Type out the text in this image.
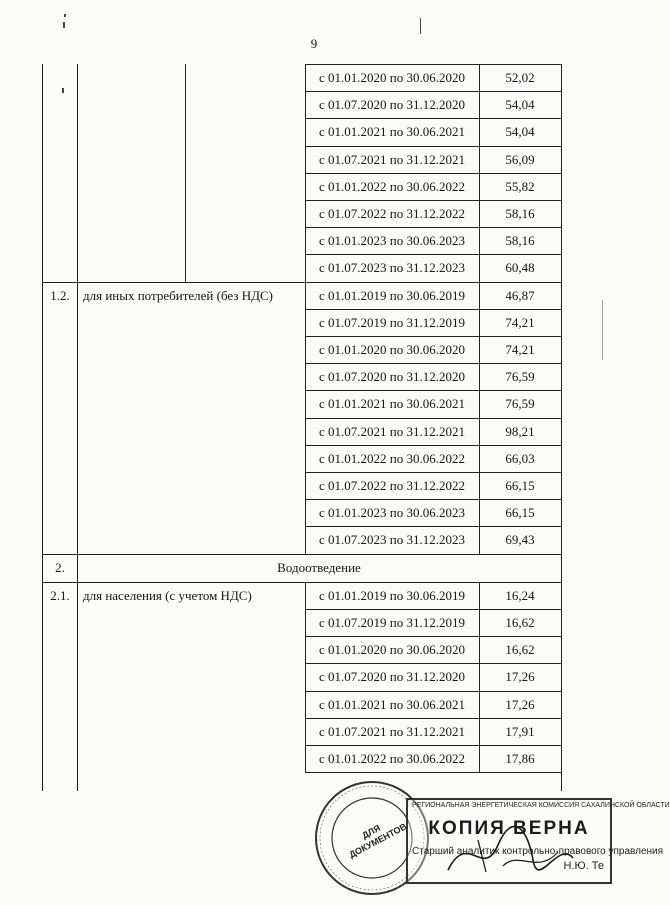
9
с 01.01.2020 по 30.06.2020	52,02
с 01.07.2020 по 31.12.2020	54,04
с 01.01.2021 по 30.06.2021	54,04
с 01.07.2021 по 31.12.2021	56,09
с 01.01.2022 по 30.06.2022	55,82
с 01.07.2022 по 31.12.2022	58,16
с 01.01.2023 по 30.06.2023	58,16
с 01.07.2023 по 31.12.2023	60,48
1.2.	для иных потребителей (без НДС)	с 01.01.2019 по 30.06.2019	46,87
с 01.07.2019 по 31.12.2019	74,21
с 01.01.2020 по 30.06.2020	74,21
с 01.07.2020 по 31.12.2020	76,59
с 01.01.2021 по 30.06.2021	76,59
с 01.07.2021 по 31.12.2021	98,21
с 01.01.2022 по 30.06.2022	66,03
с 01.07.2022 по 31.12.2022	66,15
с 01.01.2023 по 30.06.2023	66,15
с 01.07.2023 по 31.12.2023	69,43
2.	Водоотведение
2.1.	для населения (с учетом НДС)	с 01.01.2019 по 30.06.2019	16,24
с 01.07.2019 по 31.12.2019	16,62
с 01.01.2020 по 30.06.2020	16,62
с 01.07.2020 по 31.12.2020	17,26
с 01.01.2021 по 30.06.2021	17,26
с 01.07.2021 по 31.12.2021	17,91
с 01.01.2022 по 30.06.2022	17,86
ДЛЯ ДОКУМЕНТОВ
РЕГИОНАЛЬНАЯ ЭНЕРГЕТИЧЕСКАЯ КОМИССИЯ САХАЛИНСКОЙ ОБЛАСТИ
КОПИЯ ВЕРНА
Старший аналитик контрольно-правового управления
Н.Ю. Те
